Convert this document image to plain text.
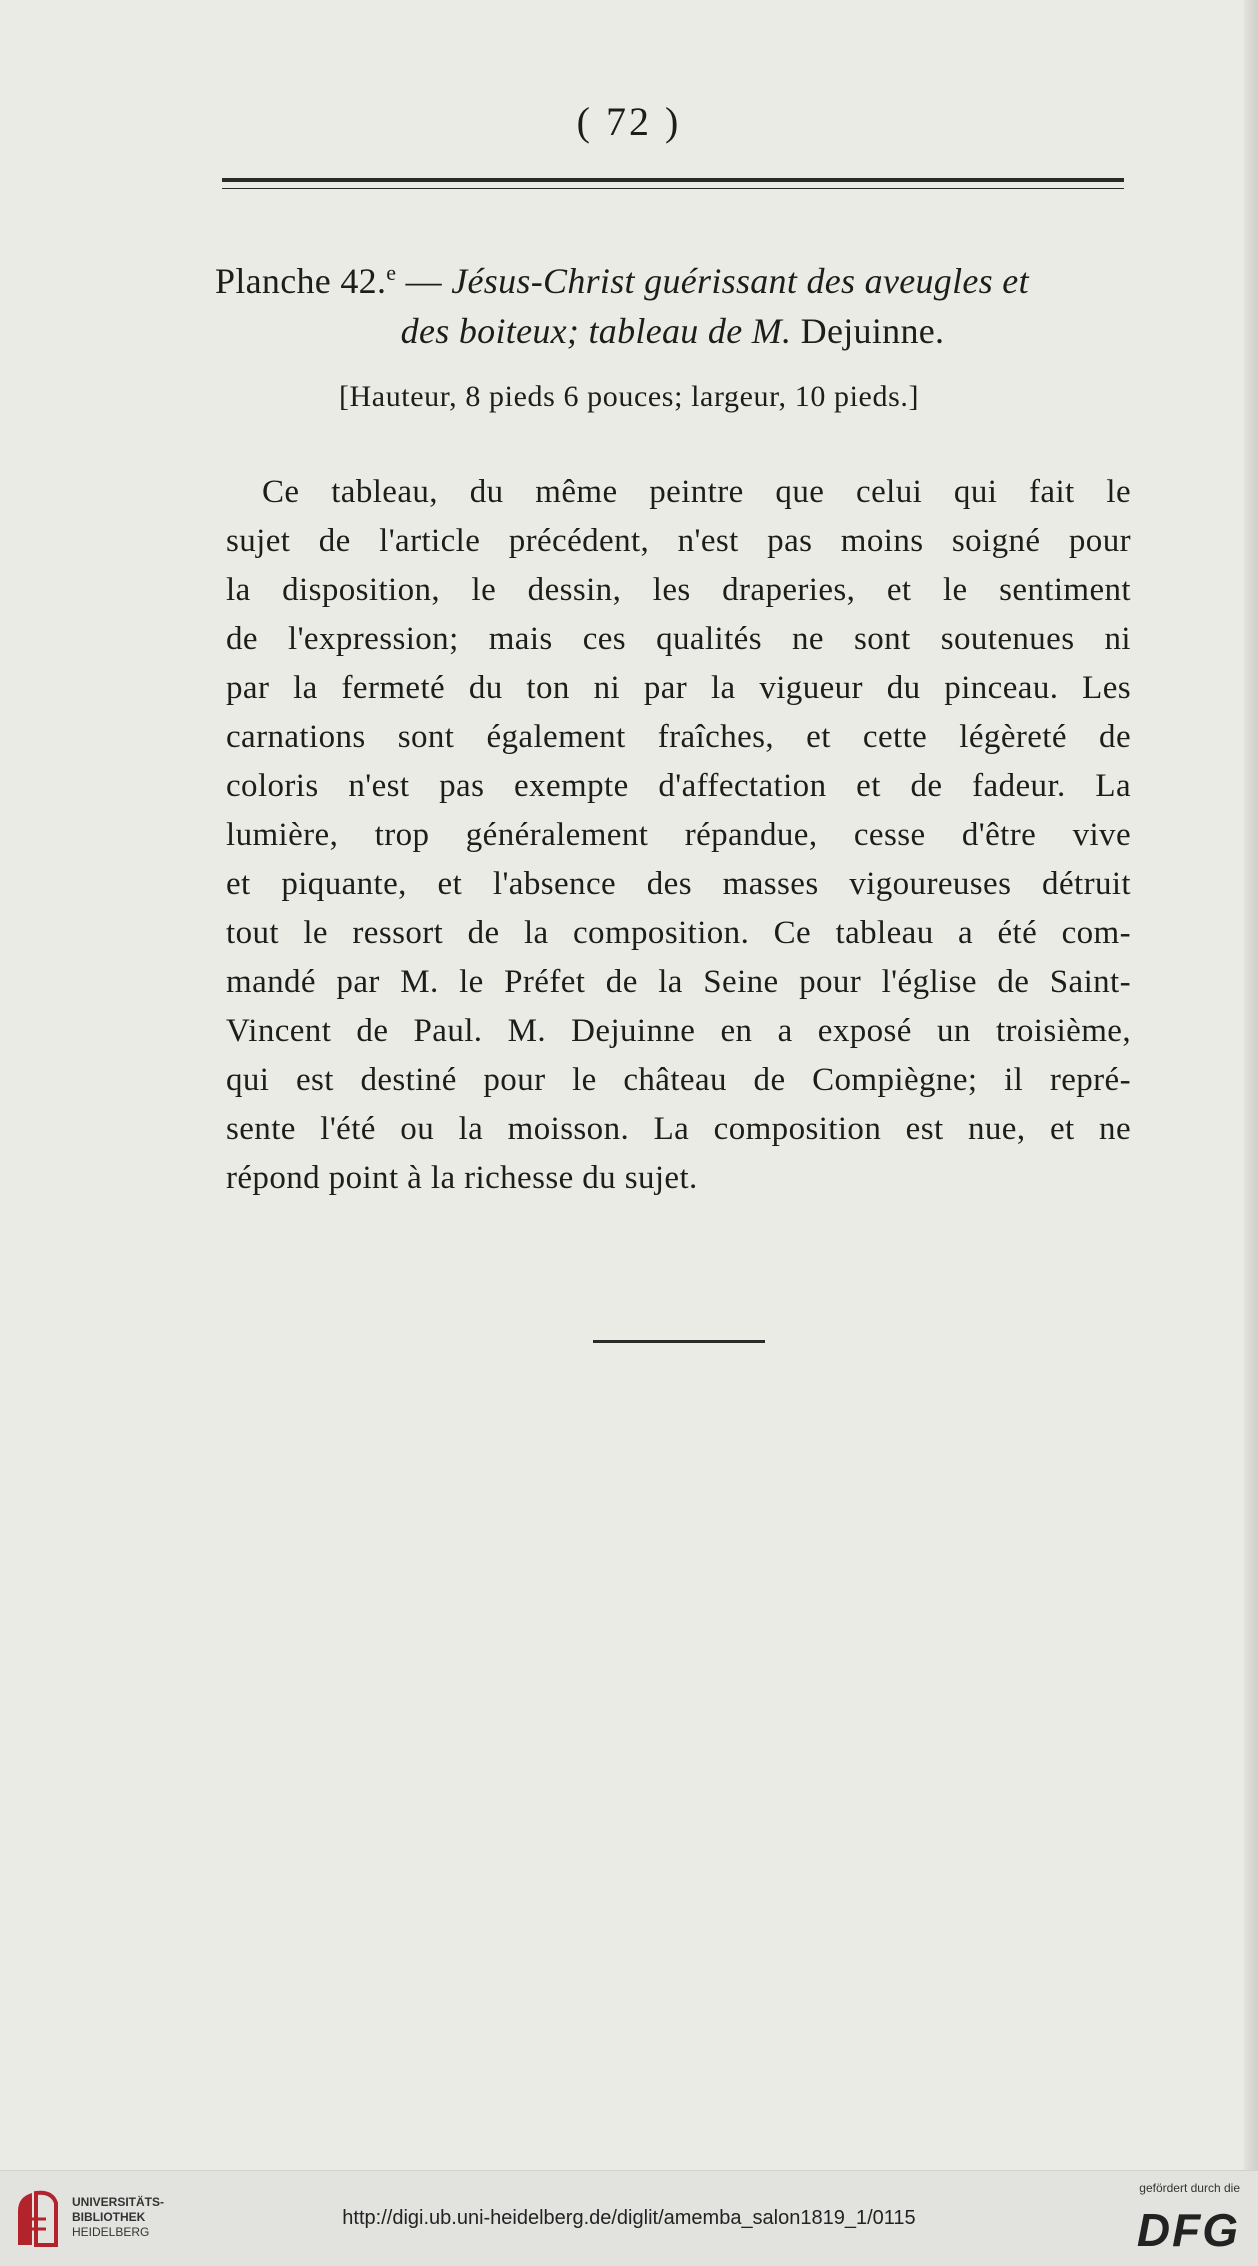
( 72 )
Planche 42.$^e$ — Jésus-Christ guérissant des aveugles et
des boiteux; tableau de M. Dejuinne.
[Hauteur, 8 pieds 6 pouces; largeur, 10 pieds.]
Ce tableau, du même peintre que celui qui fait le
sujet de l'article précédent, n'est pas moins soigné pour
la disposition, le dessin, les draperies, et le sentiment
de l'expression; mais ces qualités ne sont soutenues ni
par la fermeté du ton ni par la vigueur du pinceau. Les
carnations sont également fraîches, et cette légèreté de
coloris n'est pas exempte d'affectation et de fadeur. La
lumière, trop généralement répandue, cesse d'être vive
et piquante, et l'absence des masses vigoureuses détruit
tout le ressort de la composition. Ce tableau a été com-
mandé par M. le Préfet de la Seine pour l'église de Saint-
Vincent de Paul. M. Dejuinne en a exposé un troisième,
qui est destiné pour le château de Compiègne; il repré-
sente l'été ou la moisson. La composition est nue, et ne
répond point à la richesse du sujet.
UNIVERSITÄTS-
BIBLIOTHEK
HEIDELBERG
http://digi.ub.uni-heidelberg.de/diglit/amemba_salon1819_1/0115
gefördert durch die
DFG
